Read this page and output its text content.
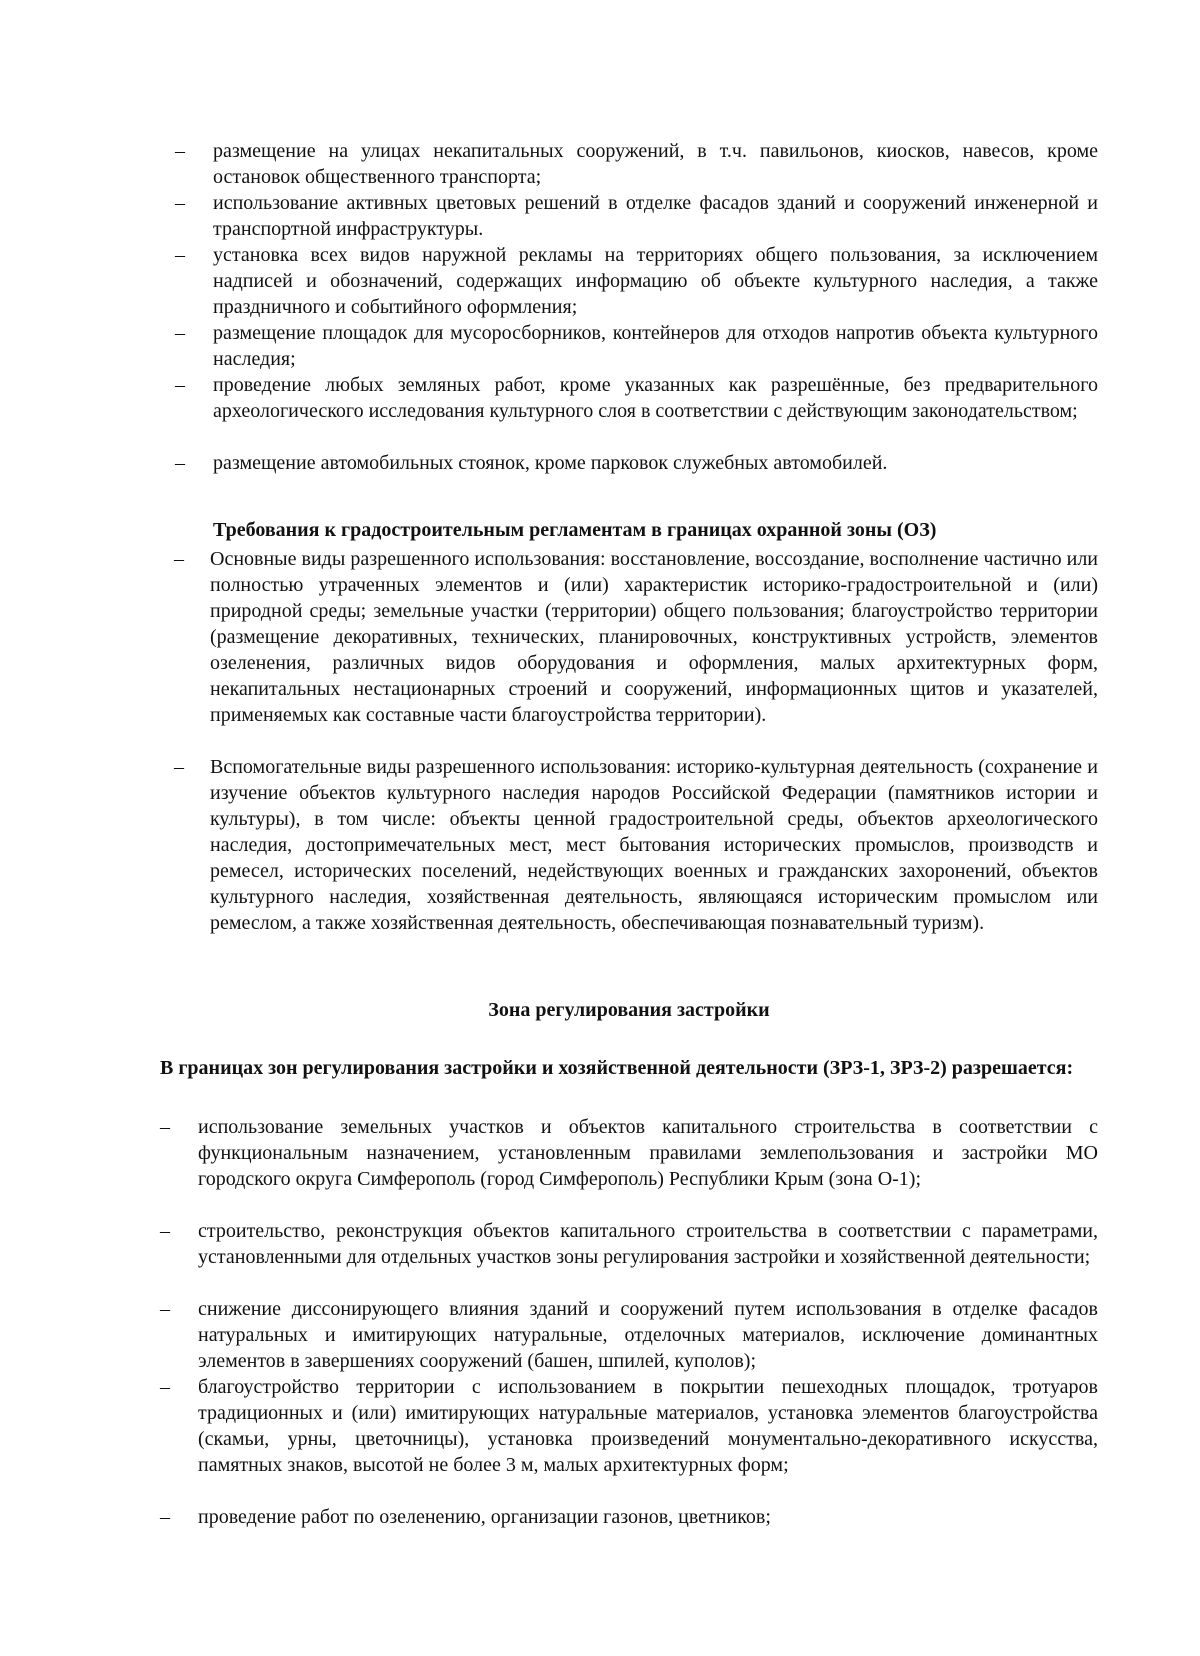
– размещение на улицах некапитальных сооружений, в т.ч. павильонов, киосков, навесов, кроме остановок общественного транспорта;
– использование активных цветовых решений в отделке фасадов зданий и сооружений инженерной и транспортной инфраструктуры.
– установка всех видов наружной рекламы на территориях общего пользования, за исключением надписей и обозначений, содержащих информацию об объекте культурного наследия, а также праздничного и событийного оформления;
– размещение площадок для мусоросборников, контейнеров для отходов напротив объекта культурного наследия;
– проведение любых земляных работ, кроме указанных как разрешённые, без предварительного археологического исследования культурного слоя в соответствии с действующим законодательством;
– размещение автомобильных стоянок, кроме парковок служебных автомобилей.
Требования к градостроительным регламентам в границах охранной зоны (ОЗ)
– Основные виды разрешенного использования: восстановление, воссоздание, восполнение частично или полностью утраченных элементов и (или) характеристик историко-градостроительной и (или) природной среды; земельные участки (территории) общего пользования; благоустройство территории (размещение декоративных, технических, планировочных, конструктивных устройств, элементов озеленения, различных видов оборудования и оформления, малых архитектурных форм, некапитальных нестационарных строений и сооружений, информационных щитов и указателей, применяемых как составные части благоустройства территории).
– Вспомогательные виды разрешенного использования: историко-культурная деятельность (сохранение и изучение объектов культурного наследия народов Российской Федерации (памятников истории и культуры), в том числе: объекты ценной градостроительной среды, объектов археологического наследия, достопримечательных мест, мест бытования исторических промыслов, производств и ремесел, исторических поселений, недействующих военных и гражданских захоронений, объектов культурного наследия, хозяйственная деятельность, являющаяся историческим промыслом или ремеслом, а также хозяйственная деятельность, обеспечивающая познавательный туризм).
Зона регулирования застройки
В границах зон регулирования застройки и хозяйственной деятельности (ЗРЗ-1, ЗРЗ-2) разрешается:
– использование земельных участков и объектов капитального строительства в соответствии с функциональным назначением, установленным правилами землепользования и застройки МО городского округа Симферополь (город Симферополь) Республики Крым (зона О-1);
– строительство, реконструкция объектов капитального строительства в соответствии с параметрами, установленными для отдельных участков зоны регулирования застройки и хозяйственной деятельности;
– снижение диссонирующего влияния зданий и сооружений путем использования в отделке фасадов натуральных и имитирующих натуральные, отделочных материалов, исключение доминантных элементов в завершениях сооружений (башен, шпилей, куполов);
– благоустройство территории с использованием в покрытии пешеходных площадок, тротуаров традиционных и (или) имитирующих натуральные материалов, установка элементов благоустройства (скамьи, урны, цветочницы), установка произведений монументально-декоративного искусства, памятных знаков, высотой не более 3 м, малых архитектурных форм;
– проведение работ по озеленению, организации газонов, цветников;
